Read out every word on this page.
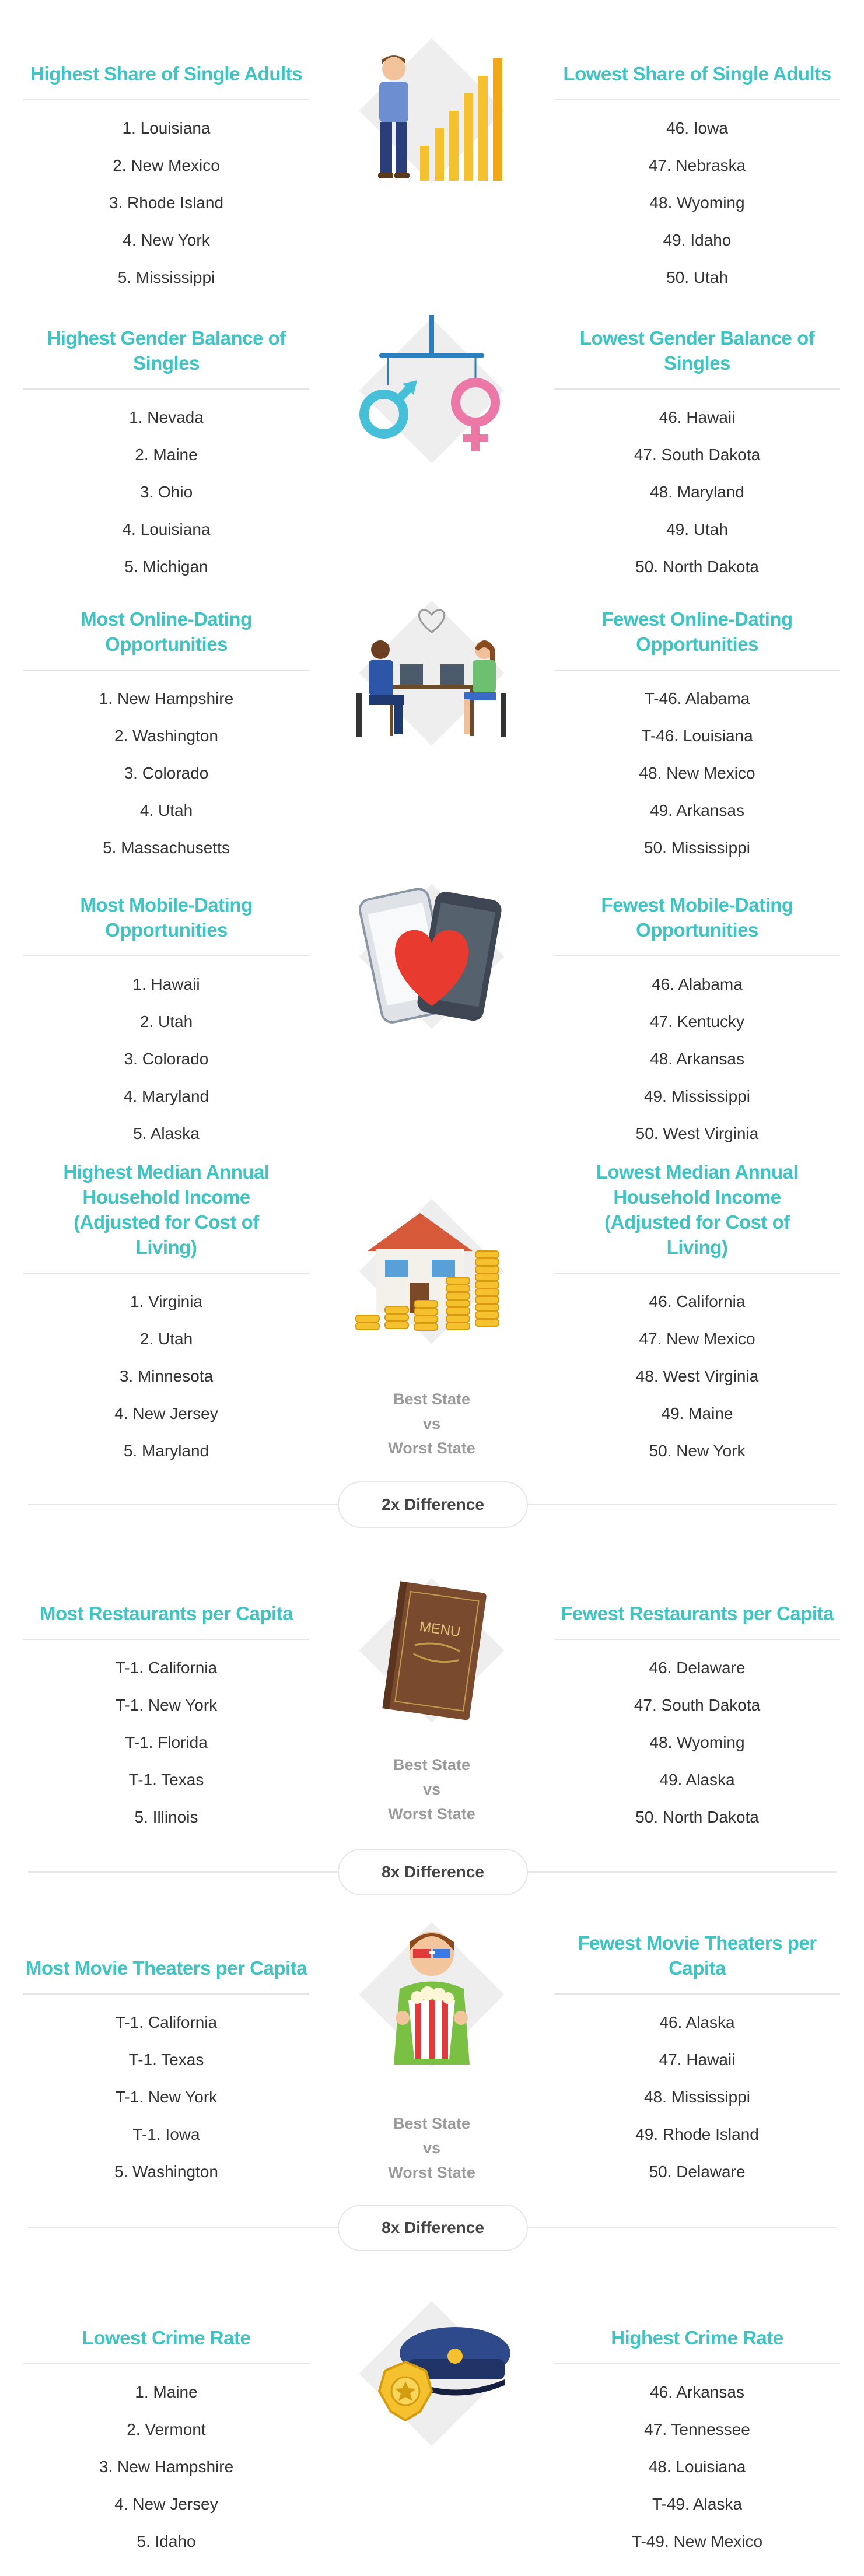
Highest Share of Single Adults
1. Louisiana
2. New Mexico
3. Rhode Island
4. New York
5. Mississippi
Lowest Share of Single Adults
46. Iowa
47. Nebraska
48. Wyoming
49. Idaho
50. Utah
Highest Gender Balance of Singles
1. Nevada
2. Maine
3. Ohio
4. Louisiana
5. Michigan
Lowest Gender Balance of Singles
46. Hawaii
47. South Dakota
48. Maryland
49. Utah
50. North Dakota
Most Online-Dating Opportunities
1. New Hampshire
2. Washington
3. Colorado
4. Utah
5. Massachusetts
Fewest Online-Dating Opportunities
T-46. Alabama
T-46. Louisiana
48. New Mexico
49. Arkansas
50. Mississippi
Most Mobile-Dating Opportunities
1. Hawaii
2. Utah
3. Colorado
4. Maryland
5. Alaska
Fewest Mobile-Dating Opportunities
46. Alabama
47. Kentucky
48. Arkansas
49. Mississippi
50. West Virginia
Highest Median Annual Household Income (Adjusted for Cost of Living)
1. Virginia
2. Utah
3. Minnesota
4. New Jersey
5. Maryland
Best State
vs
Worst State
Lowest Median Annual Household Income (Adjusted for Cost of Living)
46. California
47. New Mexico
48. West Virginia
49. Maine
50. New York
2x Difference
Most Restaurants per Capita
T-1. California
T-1. New York
T-1. Florida
T-1. Texas
5. Illinois
MENU
Best State
vs
Worst State
Fewest Restaurants per Capita
46. Delaware
47. South Dakota
48. Wyoming
49. Alaska
50. North Dakota
8x Difference
Most Movie Theaters per Capita
T-1. California
T-1. Texas
T-1. New York
T-1. Iowa
5. Washington
Best State
vs
Worst State
Fewest Movie Theaters per Capita
46. Alaska
47. Hawaii
48. Mississippi
49. Rhode Island
50. Delaware
8x Difference
Lowest Crime Rate
1. Maine
2. Vermont
3. New Hampshire
4. New Jersey
5. Idaho
Highest Crime Rate
46. Arkansas
47. Tennessee
48. Louisiana
T-49. Alaska
T-49. New Mexico
